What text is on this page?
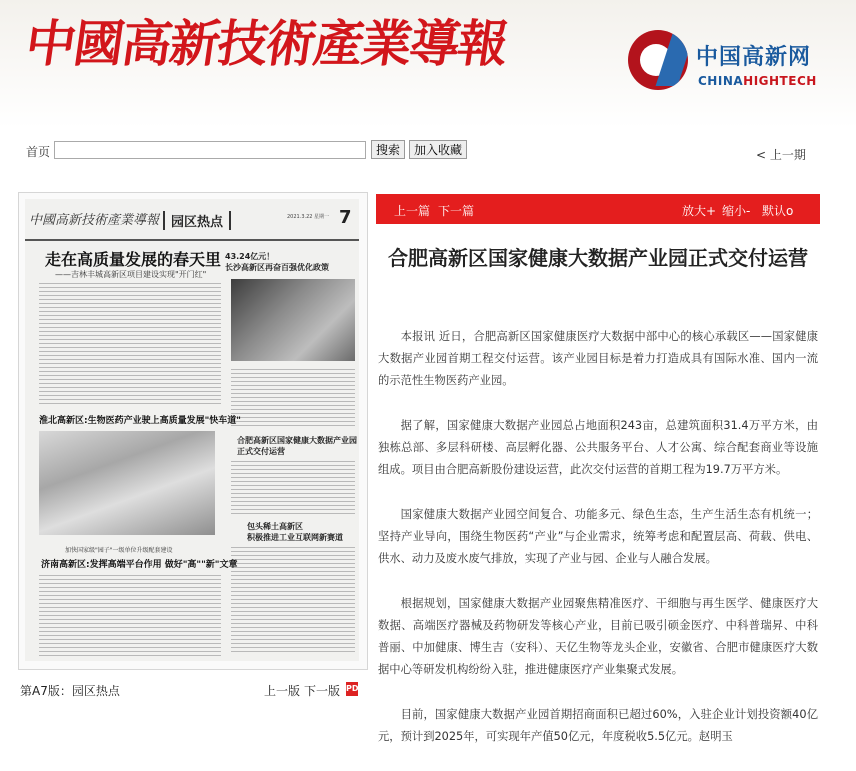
中國高新技術產業導報	中国高新网
CHINAHIGHTECH
首页	搜索	加入收藏	< 上一期
中國高新技術產業導報 园区热点	2021.3.22 星期一 7
走在高质量发展的春天里
——吉林丰城高新区项目建设实现"开门红"
43.24亿元！
长沙高新区再奋百强优化政策
淮北高新区:生物医药产业驶上高质量发展"快车道"
合肥高新区国家健康大数据产业园
正式交付运营
包头稀土高新区
积极推进工业互联网新赛道
加快国家级"园子"一级单位升级配套建设
济南高新区:发挥高端平台作用 做好"高""新"文章
第A7版：园区热点	上一版 下一版 PDF
上一篇 下一篇	放大+ 缩小- 默认o
合肥高新区国家健康大数据产业园正式交付运营

本报讯 近日，合肥高新区国家健康医疗大数据中部中心的核心承载区——国家健康大数据产业园首期工程交付运营。该产业园目标是着力打造成具有国际水准、国内一流的示范性生物医药产业园。

据了解，国家健康大数据产业园总占地面积243亩，总建筑面积31.4万平方米，由独栋总部、多层科研楼、高层孵化器、公共服务平台、人才公寓、综合配套商业等设施组成。项目由合肥高新股份建设运营，此次交付运营的首期工程为19.7万平方米。

国家健康大数据产业园空间复合、功能多元、绿色生态，生产生活生态有机统一；坚持产业导向，围绕生物医药“产业”与企业需求，统筹考虑和配置层高、荷载、供电、供水、动力及废水废气排放，实现了产业与园、企业与人融合发展。

根据规划，国家健康大数据产业园聚焦精准医疗、干细胞与再生医学、健康医疗大数据、高端医疗器械及药物研发等核心产业，目前已吸引硕金医疗、中科普瑞昇、中科普丽、中加健康、博生吉（安科）、天亿生物等龙头企业，安徽省、合肥市健康医疗大数据中心等研发机构纷纷入驻，推进健康医疗产业集聚式发展。

目前，国家健康大数据产业园首期招商面积已超过60%，入驻企业计划投资额40亿元，预计到2025年，可实现年产值50亿元，年度税收5.5亿元。赵明玉
